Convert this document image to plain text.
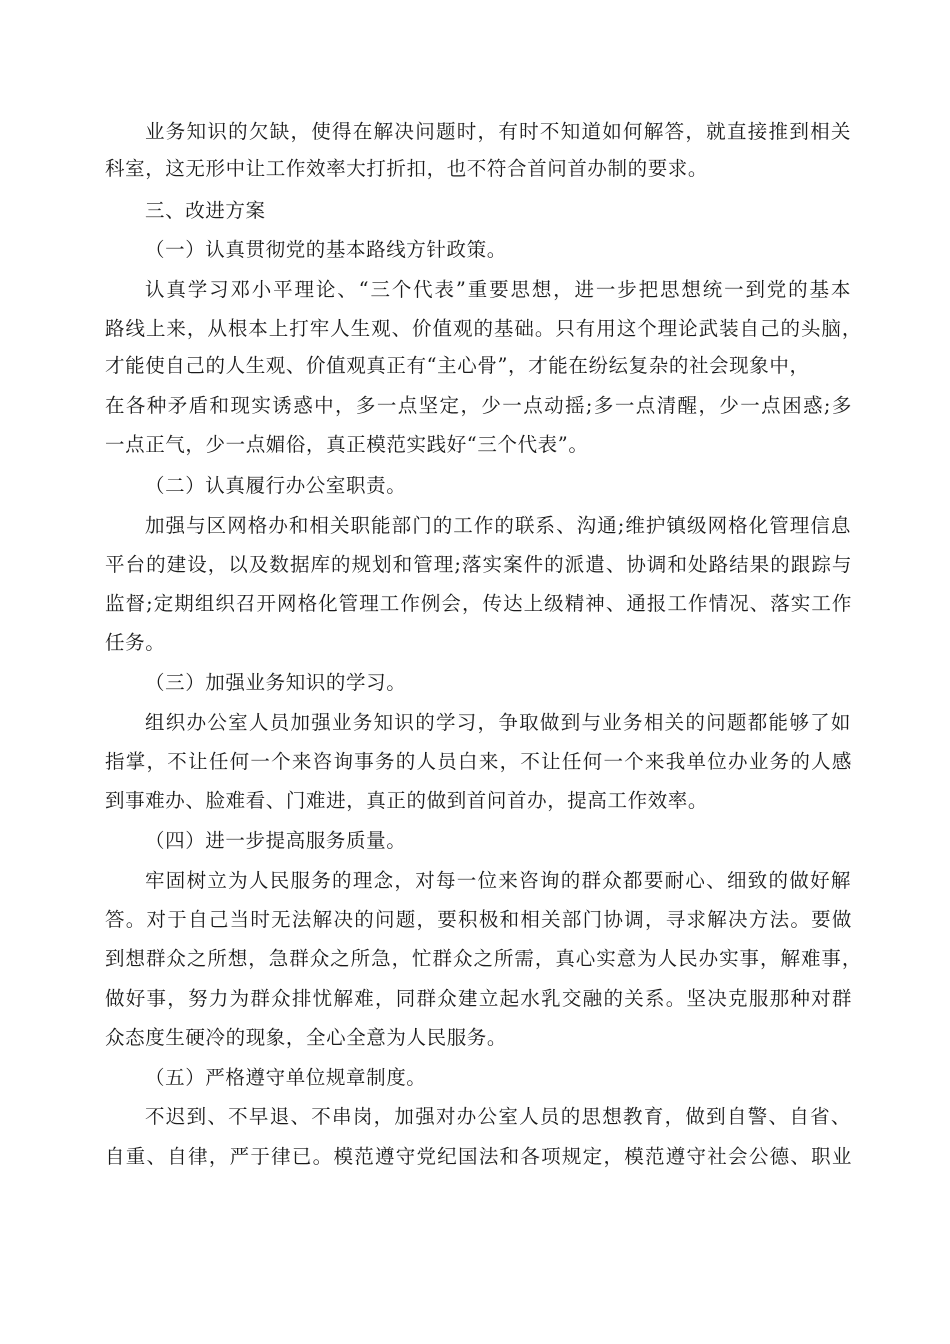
业务知识的欠缺，使得在解决问题时，有时不知道如何解答，就直接推到相关
科室，这无形中让工作效率大打折扣，也不符合首问首办制的要求。
三、改进方案
（一）认真贯彻党的基本路线方针政策。
认真学习邓小平理论、“三个代表”重要思想，进一步把思想统一到党的基本
路线上来，从根本上打牢人生观、价值观的基础。只有用这个理论武装自己的头脑，
才能使自己的人生观、价值观真正有“主心骨”，才能在纷纭复杂的社会现象中，
在各种矛盾和现实诱惑中，多一点坚定，少一点动摇;多一点清醒，少一点困惑;多
一点正气，少一点媚俗，真正模范实践好“三个代表”。
（二）认真履行办公室职责。
加强与区网格办和相关职能部门的工作的联系、沟通;维护镇级网格化管理信息
平台的建设，以及数据库的规划和管理;落实案件的派遣、协调和处路结果的跟踪与
监督;定期组织召开网格化管理工作例会，传达上级精神、通报工作情况、落实工作
任务。
（三）加强业务知识的学习。
组织办公室人员加强业务知识的学习，争取做到与业务相关的问题都能够了如
指掌，不让任何一个来咨询事务的人员白来，不让任何一个来我单位办业务的人感
到事难办、脸难看、门难进，真正的做到首问首办，提高工作效率。
（四）进一步提高服务质量。
牢固树立为人民服务的理念，对每一位来咨询的群众都要耐心、细致的做好解
答。对于自己当时无法解决的问题，要积极和相关部门协调，寻求解决方法。要做
到想群众之所想，急群众之所急，忙群众之所需，真心实意为人民办实事，解难事，
做好事，努力为群众排忧解难，同群众建立起水乳交融的关系。坚决克服那种对群
众态度生硬冷的现象，全心全意为人民服务。
（五）严格遵守单位规章制度。
不迟到、不早退、不串岗，加强对办公室人员的思想教育，做到自警、自省、
自重、自律，严于律已。模范遵守党纪国法和各项规定，模范遵守社会公德、职业
